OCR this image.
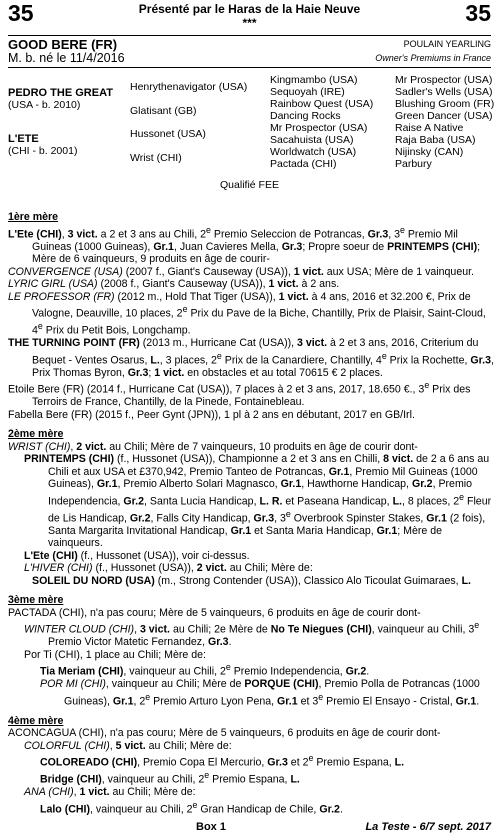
35	35
Présenté par le Haras de la Haie Neuve
***
GOOD BERE (FR)
M. b. né le 11/4/2016
POULAIN YEARLING
Owner's Premiums in France
PEDRO THE GREAT
(USA - b. 2010)
L'ETE
(CHI - b. 2001)
Henrythenavigator (USA)
Glatisant (GB)
Hussonet (USA)
Wrist (CHI)
Kingmambo (USA)
Sequoyah (IRE)
Rainbow Quest (USA)
Dancing Rocks
Mr Prospector (USA)
Sacahuista (USA)
Worldwatch (USA)
Pactada (CHI)
Mr Prospector (USA)
Sadler's Wells (USA)
Blushing Groom (FR)
Green Dancer (USA)
Raise A Native
Raja Baba (USA)
Nijinsky (CAN)
Parbury
Qualifié FEE

1ère mère

L'Ete (CHI), 3 vict. a 2 et 3 ans au Chili, 2e Premio Seleccion de Potrancas, Gr.3, 3e Premio Mil Guineas (1000 Guineas), Gr.1, Juan Cavieres Mella, Gr.3; Propre soeur de PRINTEMPS (CHI); Mère de 6 vainqueurs, 9 produits en âge de courir-

CONVERGENCE (USA) (2007 f., Giant's Causeway (USA)), 1 vict. aux USA; Mère de 1 vainqueur.

LYRIC GIRL (USA) (2008 f., Giant's Causeway (USA)), 1 vict. à 2 ans.

LE PROFESSOR (FR) (2012 m., Hold That Tiger (USA)), 1 vict. à 4 ans, 2016 et 32.200 €, Prix de Valogne, Deauville, 10 places, 2e Prix du Pave de la Biche, Chantilly, Prix de Plaisir, Saint-Cloud, 4e Prix du Petit Bois, Longchamp.

THE TURNING POINT (FR) (2013 m., Hurricane Cat (USA)), 3 vict. à 2 et 3 ans, 2016, Criterium du Bequet - Ventes Osarus, L., 3 places, 2e Prix de la Canardiere, Chantilly, 4e Prix la Rochette, Gr.3, Prix Thomas Byron, Gr.3; 1 vict. en obstacles et au total 70615 € 2 places.

Etoile Bere (FR) (2014 f., Hurricane Cat (USA)), 7 places à 2 et 3 ans, 2017, 18.650 €., 3e Prix des Terroirs de France, Chantilly, de la Pinede, Fontainebleau.

Fabella Bere (FR) (2015 f., Peer Gynt (JPN)), 1 pl à 2 ans en débutant, 2017 en GB/Irl.

2ème mère

WRIST (CHI), 2 vict. au Chili; Mère de 7 vainqueurs, 10 produits en âge de courir dont-

PRINTEMPS (CHI) (f., Hussonet (USA)), Championne a 2 et 3 ans en Chilli, 8 vict. de 2 a 6 ans au Chili et aux USA et £370,942, Premio Tanteo de Potrancas, Gr.1, Premio Mil Guineas (1000 Guineas), Gr.1, Premio Alberto Solari Magnasco, Gr.1, Hawthorne Handicap, Gr.2, Premio Independencia, Gr.2, Santa Lucia Handicap, L. R. et Paseana Handicap, L., 8 places, 2e Fleur de Lis Handicap, Gr.2, Falls City Handicap, Gr.3, 3e Overbrook Spinster Stakes, Gr.1 (2 fois), Santa Margarita Invitational Handicap, Gr.1 et Santa Maria Handicap, Gr.1; Mère de vainqueurs.

L'Ete (CHI) (f., Hussonet (USA)), voir ci-dessus.

L'HIVER (CHI) (f., Hussonet (USA)), 2 vict. au Chili; Mère de:

SOLEIL DU NORD (USA) (m., Strong Contender (USA)), Classico Alo Ticoulat Guimaraes, L.

3ème mère

PACTADA (CHI), n'a pas couru; Mère de 5 vainqueurs, 6 produits en âge de courir dont-

WINTER CLOUD (CHI), 3 vict. au Chili; 2e Mère de No Te Niegues (CHI), vainqueur au Chili, 3e Premio Victor Matetic Fernandez, Gr.3.

Por Ti (CHI), 1 place au Chili; Mère de:

Tia Meriam (CHI), vainqueur au Chili, 2e Premio Independencia, Gr.2.

POR MI (CHI), vainqueur au Chili; Mère de PORQUE (CHI), Premio Polla de Potrancas (1000 Guineas), Gr.1, 2e Premio Arturo Lyon Pena, Gr.1 et 3e Premio El Ensayo - Cristal, Gr.1.

4ème mère

ACONCAGUA (CHI), n'a pas couru; Mère de 5 vainqueurs, 6 produits en âge de courir dont-

COLORFUL (CHI), 5 vict. au Chili; Mère de:

COLOREADO (CHI), Premio Copa El Mercurio, Gr.3 et 2e Premio Espana, L.

Bridge (CHI), vainqueur au Chili, 2e Premio Espana, L.

ANA (CHI), 1 vict. au Chili; Mère de:

Lalo (CHI), vainqueur au Chili, 2e Gran Handicap de Chile, Gr.2.

Box 1	La Teste - 6/7 sept. 2017
